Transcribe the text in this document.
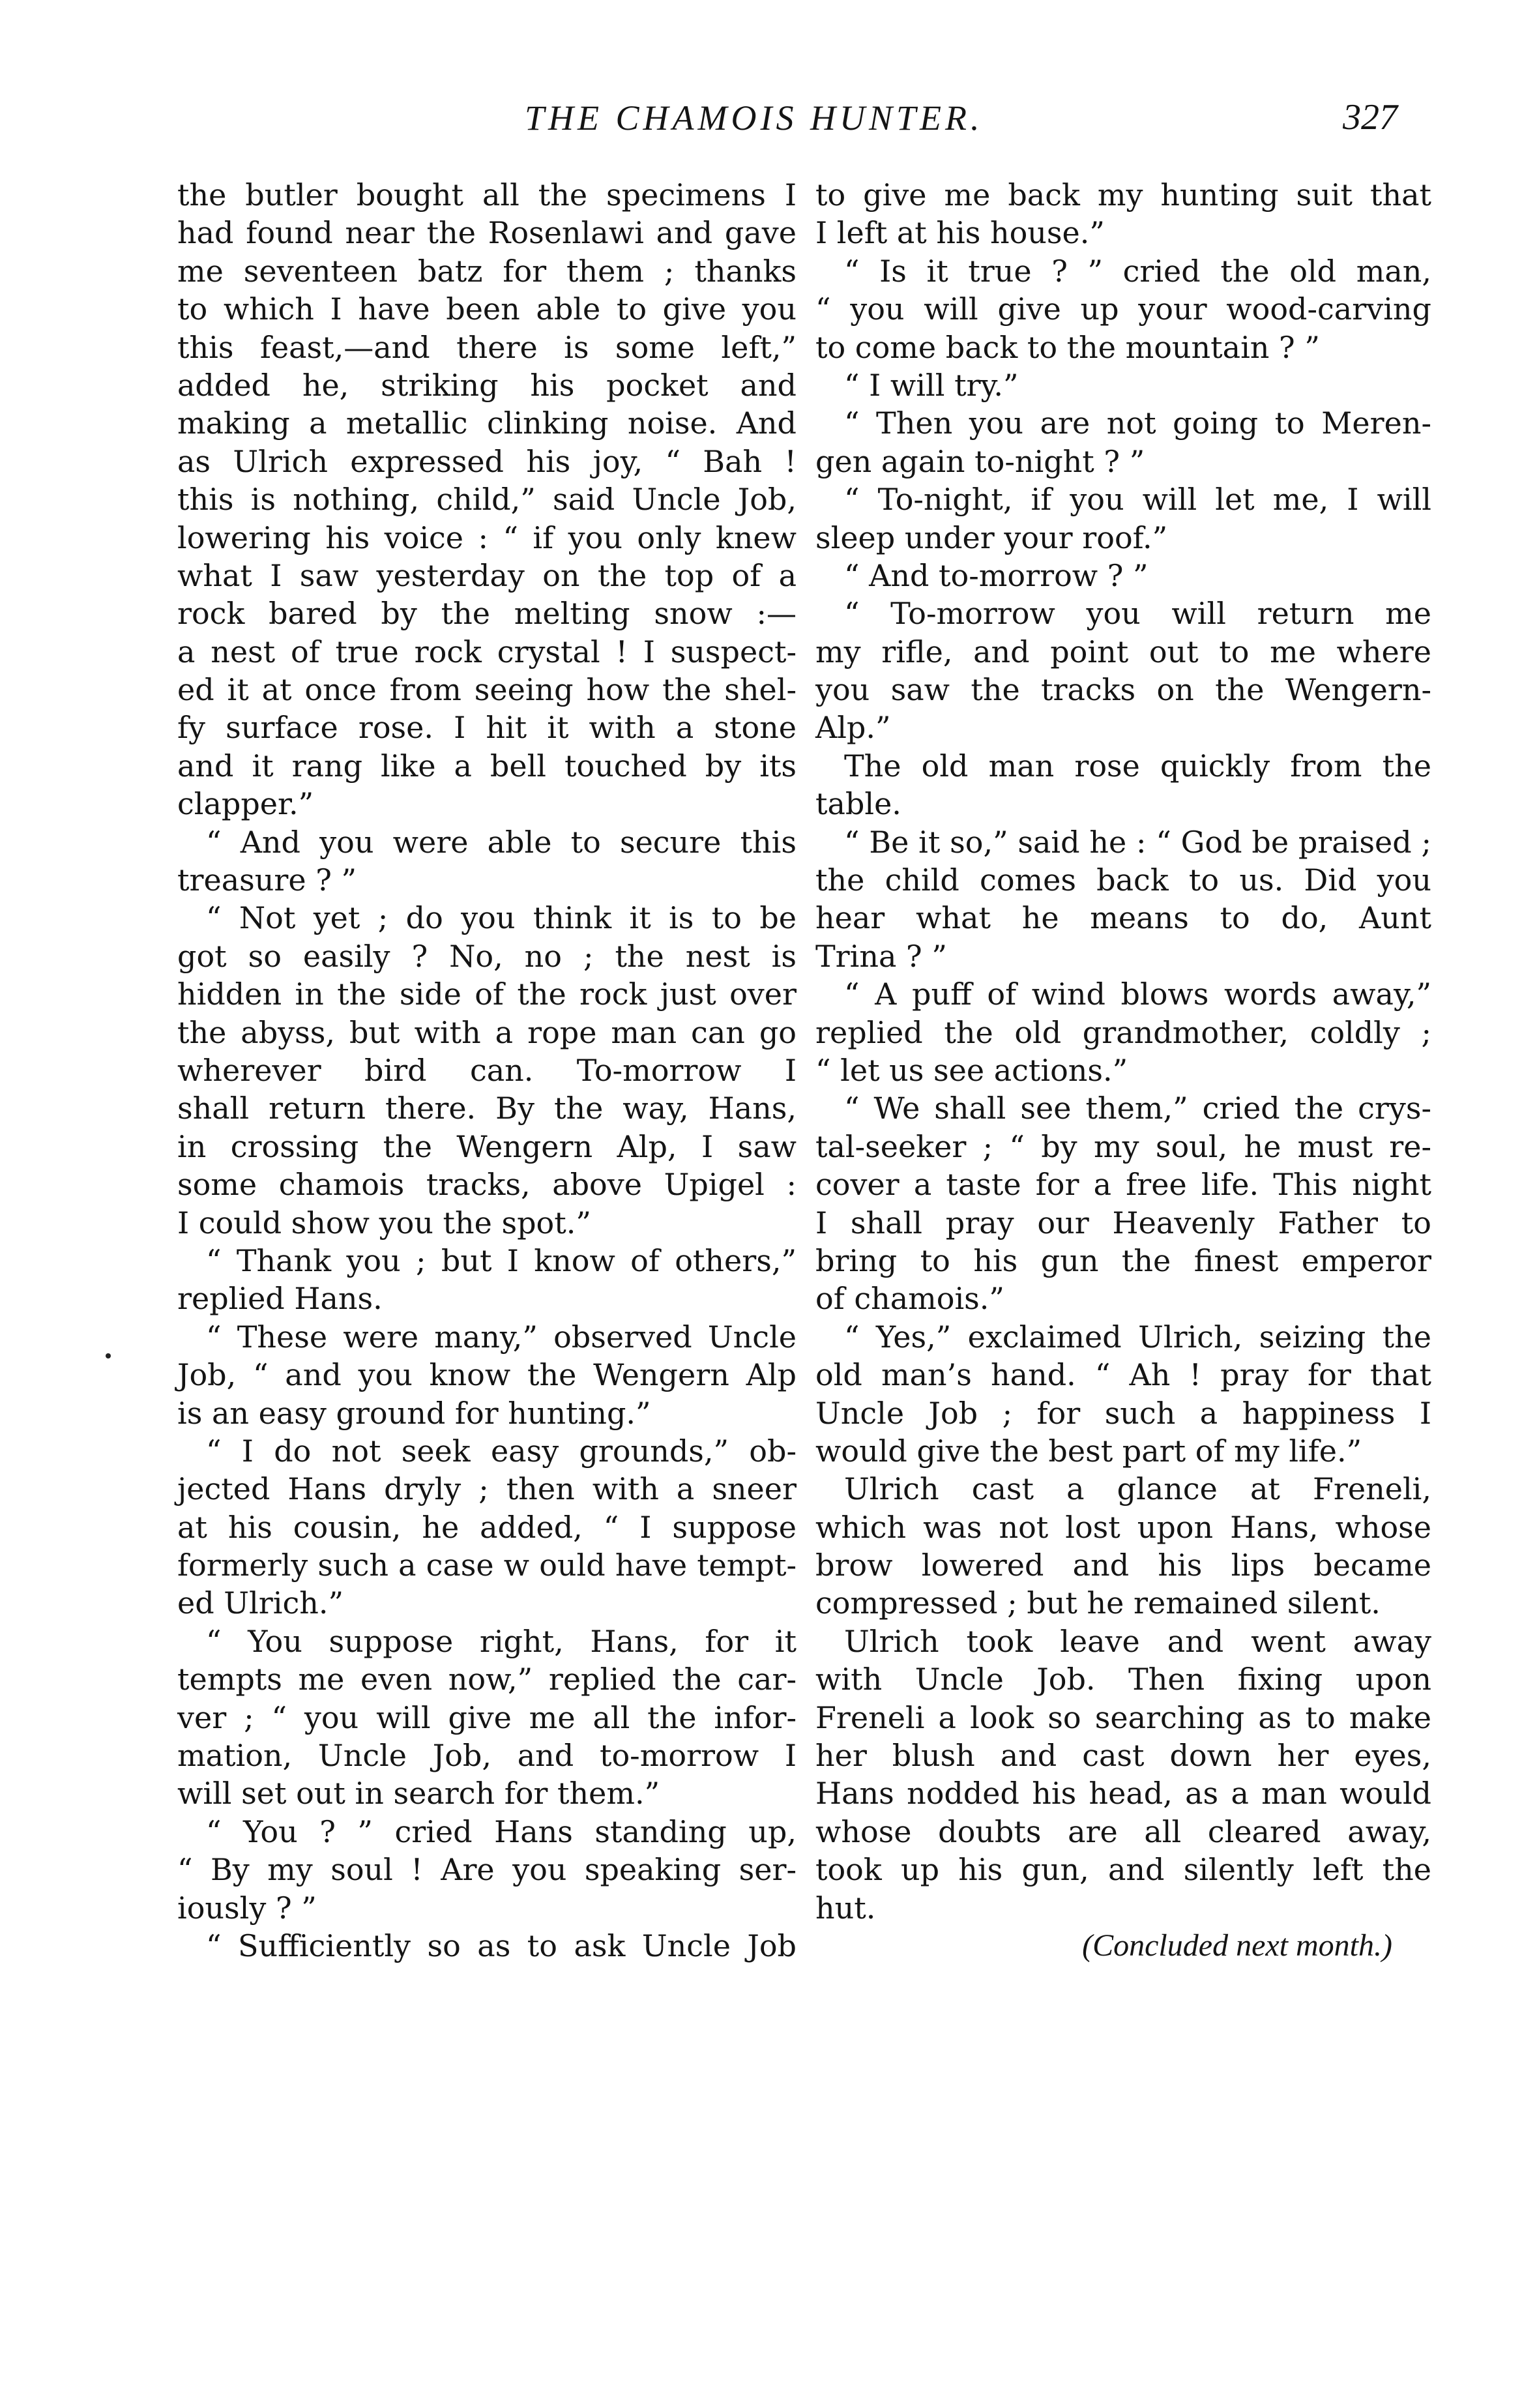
THE CHAMOIS HUNTER.	327
the butler bought all the specimens I
had found near the Rosenlawi and gave
me seventeen batz for them ; thanks
to which I have been able to give you
this feast,—and there is some left,”
added he, striking his pocket and
making a metallic clinking noise. And
as Ulrich expressed his joy, “ Bah !
this is nothing, child,” said Uncle Job,
lowering his voice : “ if you only knew
what I saw yesterday on the top of a
rock bared by the melting snow :—
a nest of true rock crystal ! I suspect-
ed it at once from seeing how the shel-
fy surface rose. I hit it with a stone
and it rang like a bell touched by its
clapper.”
“ And you were able to secure this
treasure ? ”
“ Not yet ; do you think it is to be
got so easily ? No, no ; the nest is
hidden in the side of the rock just over
the abyss, but with a rope man can go
wherever bird can. To-morrow I
shall return there. By the way, Hans,
in crossing the Wengern Alp, I saw
some chamois tracks, above Upigel :
I could show you the spot.”
“ Thank you ; but I know of others,”
replied Hans.
“ These were many,” observed Uncle
Job, “ and you know the Wengern Alp
is an easy ground for hunting.”
“ I do not seek easy grounds,” ob-
jected Hans dryly ; then with a sneer
at his cousin, he added, “ I suppose
formerly such a case w ould have tempt-
ed Ulrich.”
“ You suppose right, Hans, for it
tempts me even now,” replied the car-
ver ; “ you will give me all the infor-
mation, Uncle Job, and to-morrow I
will set out in search for them.”
“ You ? ” cried Hans standing up,
“ By my soul ! Are you speaking ser-
iously ? ”
“ Sufficiently so as to ask Uncle Job
to give me back my hunting suit that
I left at his house.”
“ Is it true ? ” cried the old man,
“ you will give up your wood-carving
to come back to the mountain ? ”
“ I will try.”
“ Then you are not going to Meren-
gen again to-night ? ”
“ To-night, if you will let me, I will
sleep under your roof.”
“ And to-morrow ? ”
“ To-morrow you will return me
my rifle, and point out to me where
you saw the tracks on the Wengern-
Alp.”
The old man rose quickly from the
table.
“ Be it so,” said he : “ God be praised ;
the child comes back to us. Did you
hear what he means to do, Aunt
Trina ? ”
“ A puff of wind blows words away,”
replied the old grandmother, coldly ;
“ let us see actions.”
“ We shall see them,” cried the crys-
tal-seeker ; “ by my soul, he must re-
cover a taste for a free life. This night
I shall pray our Heavenly Father to
bring to his gun the finest emperor
of chamois.”
“ Yes,” exclaimed Ulrich, seizing the
old man’s hand. “ Ah ! pray for that
Uncle Job ; for such a happiness I
would give the best part of my life.”
Ulrich cast a glance at Freneli,
which was not lost upon Hans, whose
brow lowered and his lips became
compressed ; but he remained silent.
Ulrich took leave and went away
with Uncle Job. Then fixing upon
Freneli a look so searching as to make
her blush and cast down her eyes,
Hans nodded his head, as a man would
whose doubts are all cleared away,
took up his gun, and silently left the
hut.
(Concluded next month.)
